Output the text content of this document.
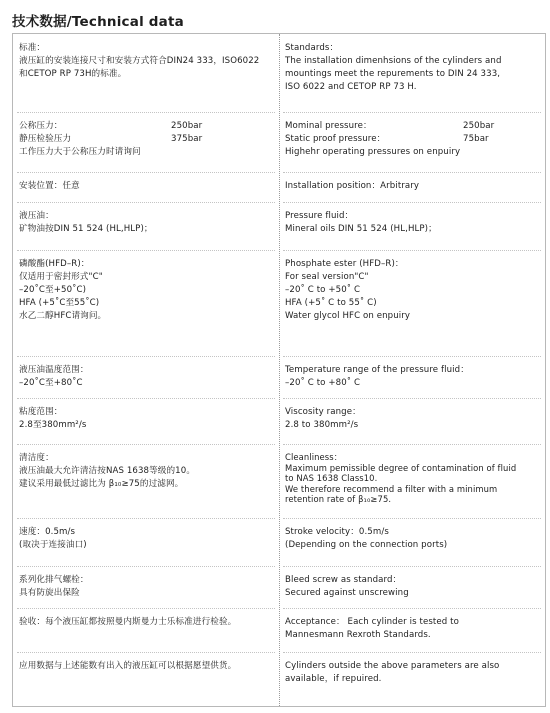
技术数据/Technical data
标准：
液压缸的安装连接尺寸和安装方式符合DIN24 333，ISO6022
和CETOP RP 73H的标准。
Standards：
The installation dimenhsions of the cylinders and
mountings meet the repurements to DIN 24 333,
ISO 6022 and CETOP RP 73 H.
公称压力：	250bar
静压检验压力	375bar
工作压力大于公称压力时请询问
Mominal pressure：	250bar
Static proof pressure：	75bar
Highehr operating pressures on enpuiry
安装位置：任意	Installation position：Arbitrary
液压油：
矿物油按DIN 51 524 (HL,HLP)；
Pressure fluid：
Mineral oils DIN 51 524 (HL,HLP)；
磷酸酯(HFD–R)：
仅适用于密封形式"C"
–20˚C至+50˚C)
HFA (+5˚C至55˚C)
水乙二醇HFC请询问。
Phosphate ester (HFD–R)：
For seal version"C"
–20˚ C to +50˚ C
HFA (+5˚ C to 55˚ C)
Water glycol HFC on enpuiry
液压油温度范围：
–20˚C至+80˚C
Temperature range of the pressure fluid：
–20˚ C to +80˚ C
粘度范围：
2.8至380mm²/s
Viscosity range：
2.8 to 380mm²/s
清洁度：
液压油最大允许清洁按NAS 1638等级的10。
建议采用最低过滤比为 β₁₀≥75的过滤网。
Cleanliness：
Maximum pemissible degree of contamination of fluid
to NAS 1638 Class10.
We therefore recommend a filter with a minimum
retention rate of β₁₀≥75.
速度：0.5m/s
(取决于连接油口)
Stroke velocity：0.5m/s
(Depending on the connection ports)
系列化排气螺栓：
具有防旋出保险
Bleed screw as standard：
Secured against unscrewing
验收：每个液压缸都按照曼内斯曼力士乐标准进行检验。	Acceptance： Each cylinder is tested to
Mannesmann Rexroth Standards.
应用数据与上述能数有出入的液压缸可以根据愿望供货。	Cylinders outside the above parameters are also
available，if repuired.
